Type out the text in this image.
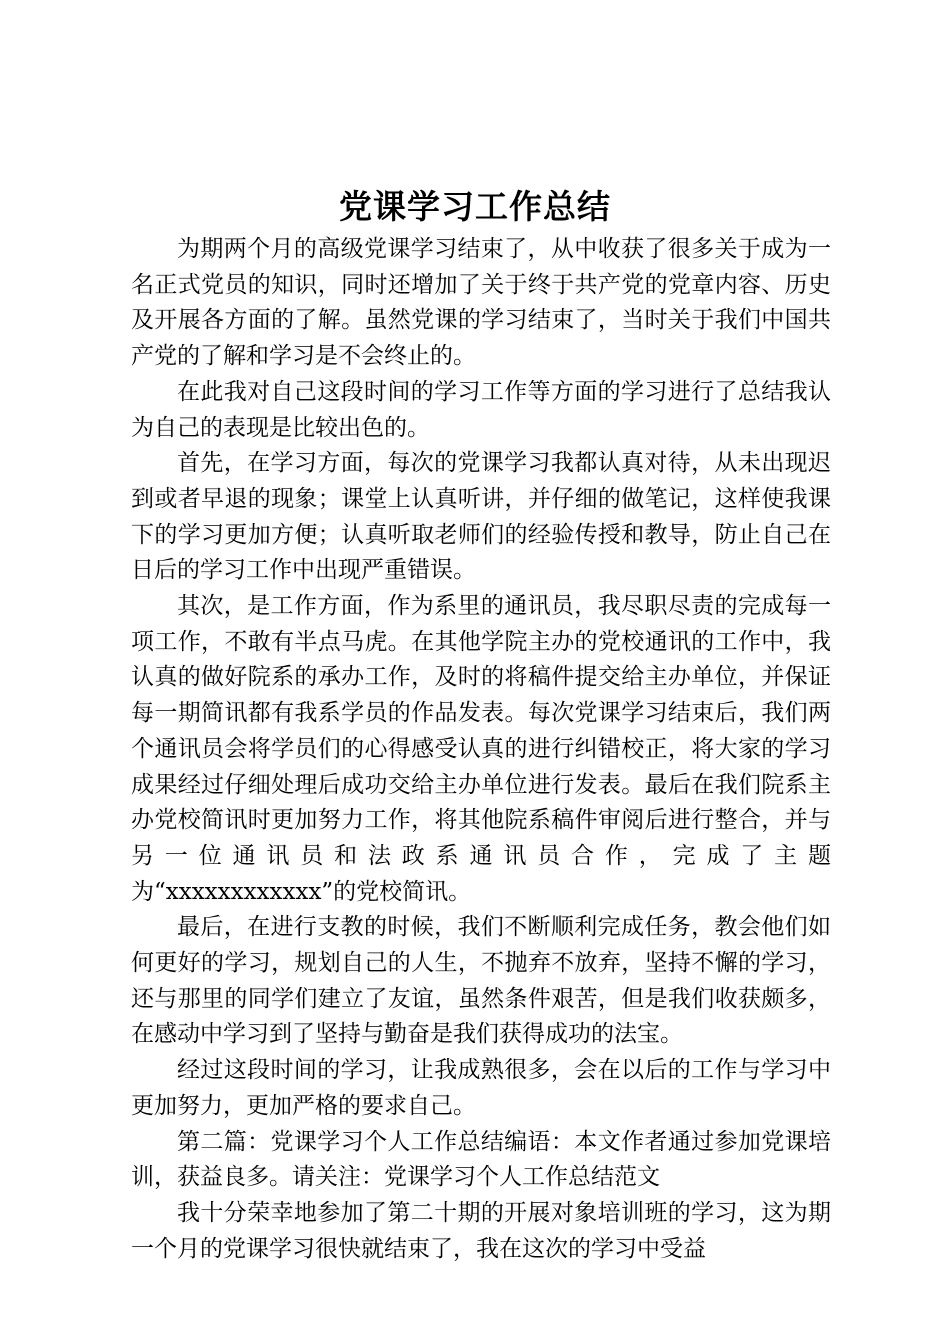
党课学习工作总结

为期两个月的高级党课学习结束了，从中收获了很多关于成为一名正式党员的知识，同时还增加了关于终于共产党的党章内容、历史及开展各方面的了解。虽然党课的学习结束了，当时关于我们中国共产党的了解和学习是不会终止的。

在此我对自己这段时间的学习工作等方面的学习进行了总结我认为自己的表现是比较出色的。

首先，在学习方面，每次的党课学习我都认真对待，从未出现迟到或者早退的现象；课堂上认真听讲，并仔细的做笔记，这样使我课下的学习更加方便；认真听取老师们的经验传授和教导，防止自己在日后的学习工作中出现严重错误。

其次，是工作方面，作为系里的通讯员，我尽职尽责的完成每一项工作，不敢有半点马虎。在其他学院主办的党校通讯的工作中，我认真的做好院系的承办工作，及时的将稿件提交给主办单位，并保证每一期简讯都有我系学员的作品发表。每次党课学习结束后，我们两个通讯员会将学员们的心得感受认真的进行纠错校正，将大家的学习成果经过仔细处理后成功交给主办单位进行发表。最后在我们院系主办党校简讯时更加努力工作，将其他院系稿件审阅后进行整合，并与另一位通讯员和法政系通讯员合作，完成了主题为“xxxxxxxxxxxx”的党校简讯。

最后，在进行支教的时候，我们不断顺利完成任务，教会他们如何更好的学习，规划自己的人生，不抛弃不放弃，坚持不懈的学习，还与那里的同学们建立了友谊，虽然条件艰苦，但是我们收获颇多，在感动中学习到了坚持与勤奋是我们获得成功的法宝。

经过这段时间的学习，让我成熟很多，会在以后的工作与学习中更加努力，更加严格的要求自己。

第二篇：党课学习个人工作总结编语：本文作者通过参加党课培训，获益良多。请关注：党课学习个人工作总结范文

我十分荣幸地参加了第二十期的开展对象培训班的学习，这为期一个月的党课学习很快就结束了，我在这次的学习中受益
